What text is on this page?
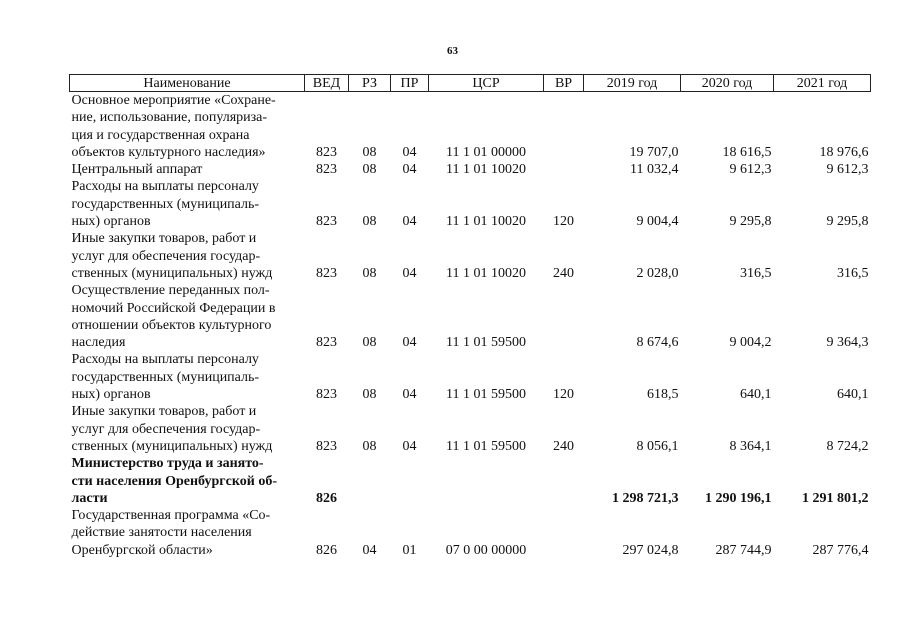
63
Наименование	ВЕД	РЗ	ПР	ЦСР	ВР	2019 год	2020 год	2021 год

Основное мероприятие «Сохране-
ние, использование, популяриза-
ция и государственная охрана
объектов культурного наследия»	823	08	04	11 1 01 00000		19 707,0	18 616,5	18 976,6

Центральный аппарат	823	08	04	11 1 01 10020		11 032,4	9 612,3	9 612,3

Расходы на выплаты персоналу
государственных (муниципаль-
ных) органов	823	08	04	11 1 01 10020	120	9 004,4	9 295,8	9 295,8

Иные закупки товаров, работ и
услуг для обеспечения государ-
ственных (муниципальных) нужд	823	08	04	11 1 01 10020	240	2 028,0	316,5	316,5

Осуществление переданных пол-
номочий Российской Федерации в
отношении объектов культурного
наследия	823	08	04	11 1 01 59500		8 674,6	9 004,2	9 364,3

Расходы на выплаты персоналу
государственных (муниципаль-
ных) органов	823	08	04	11 1 01 59500	120	618,5	640,1	640,1

Иные закупки товаров, работ и
услуг для обеспечения государ-
ственных (муниципальных) нужд	823	08	04	11 1 01 59500	240	8 056,1	8 364,1	8 724,2

Министерство труда и занято-
сти населения Оренбургской об-
ласти	826					1 298 721,3	1 290 196,1	1 291 801,2

Государственная программа «Со-
действие занятости населения
Оренбургской области»	826	04	01	07 0 00 00000		297 024,8	287 744,9	287 776,4
